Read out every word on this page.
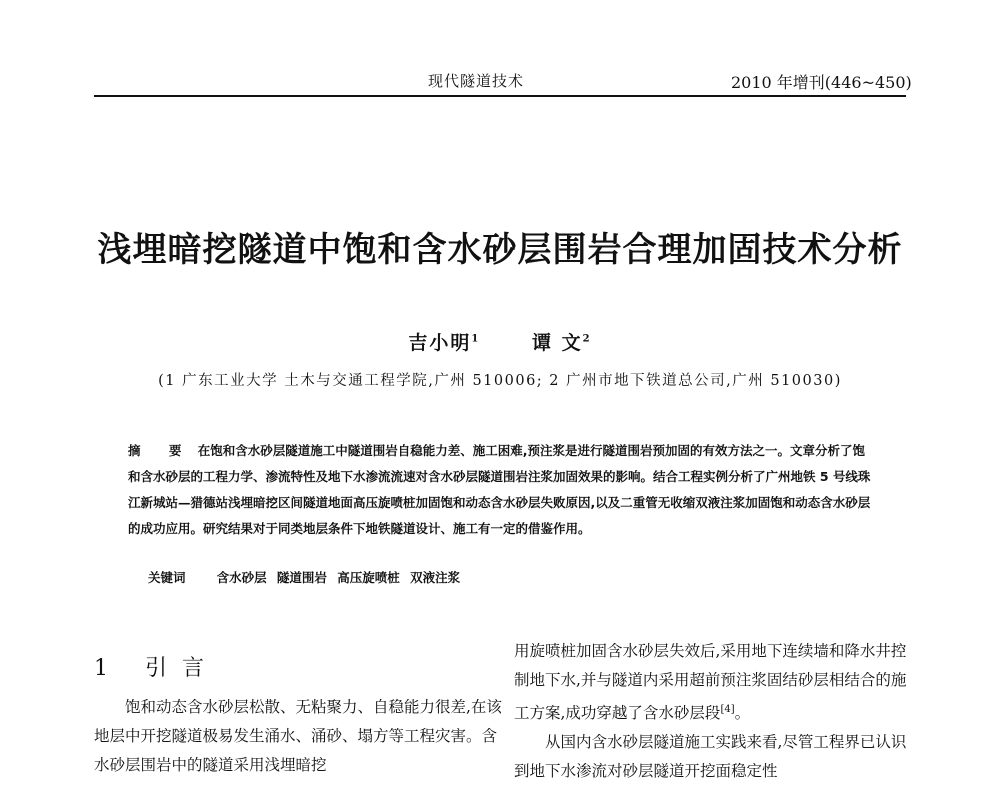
现代隧道技术	2010 年增刊(446~450)
浅埋暗挖隧道中饱和含水砂层围岩合理加固技术分析
吉小明$^1$	谭 文$^2$
(1 广东工业大学 土木与交通工程学院,广州 510006; 2 广州市地下铁道总公司,广州 510030)
摘 要 在饱和含水砂层隧道施工中隧道围岩自稳能力差、施工困难,预注浆是进行隧道围岩预加固的有效方法之一。文章分析了饱和含水砂层的工程力学、渗流特性及地下水渗流流速对含水砂层隧道围岩注浆加固效果的影响。结合工程实例分析了广州地铁 5 号线珠江新城站—猎德站浅埋暗挖区间隧道地面高压旋喷桩加固饱和动态含水砂层失败原因,以及二重管无收缩双液注浆加固饱和动态含水砂层的成功应用。研究结果对于同类地层条件下地铁隧道设计、施工有一定的借鉴作用。
关键词 含水砂层 隧道围岩 高压旋喷桩 双液注浆
1 引 言
饱和动态含水砂层松散、无粘聚力、自稳能力很差,在该地层中开挖隧道极易发生涌水、涌砂、塌方等工程灾害。含水砂层围岩中的隧道采用浅埋暗挖

用旋喷桩加固含水砂层失效后,采用地下连续墙和降水井控制地下水,并与隧道内采用超前预注浆固结砂层相结合的施工方案,成功穿越了含水砂层段[4]。

从国内含水砂层隧道施工实践来看,尽管工程界已认识到地下水渗流对砂层隧道开挖面稳定性
